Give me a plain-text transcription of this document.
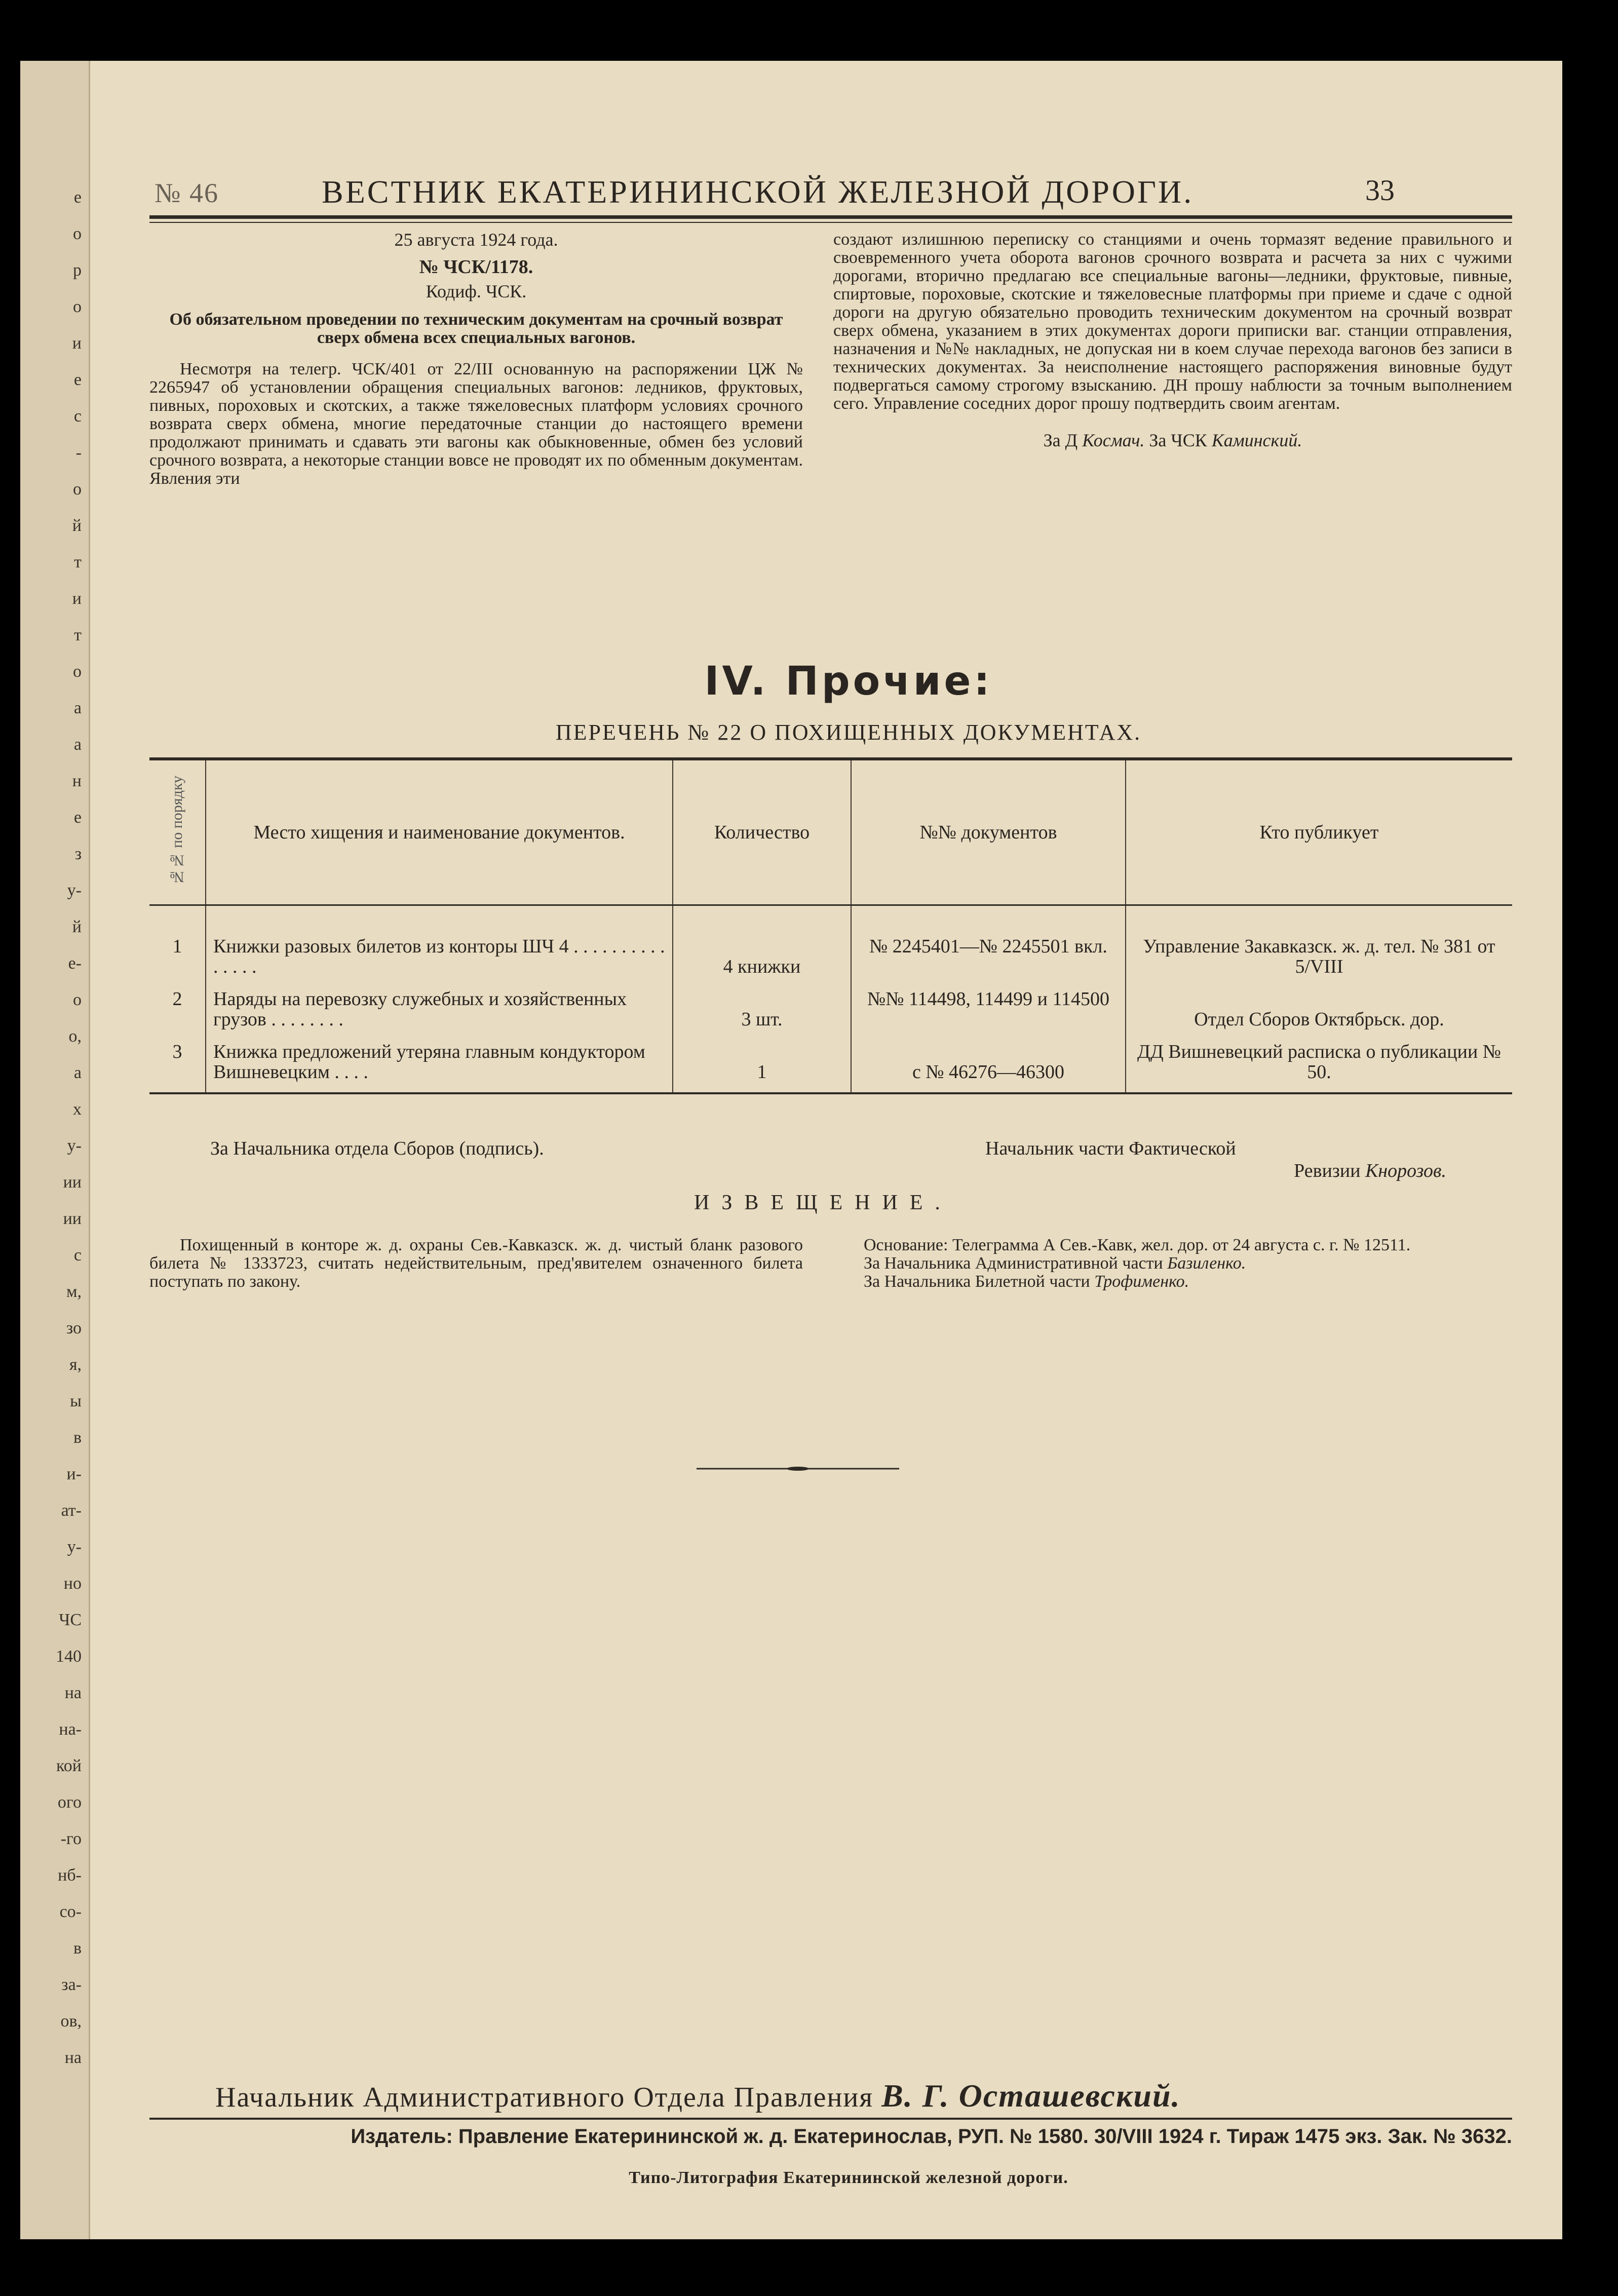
е
о
р
о
и
е
с
-
о
й
т
и
т
о
а
а
н
е
з
у-
й
е-
о
о,
а
х
у-
ии
ии
с
м,
зо
я,
ы
в
и-
ат-
у-
но
ЧС
140
на
на-
кой
ого
-го
нб-
со-
в
за-
ов,
на
№ 46	ВЕСТНИК ЕКАТЕРИНИНСКОЙ ЖЕЛЕЗНОЙ ДОРОГИ.	33

25 августа 1924 года.

№ ЧСК/1178.

Кодиф. ЧСК.

Об обязательном проведении по техническим документам на срочный возврат сверх обмена всех специальных вагонов.

Несмотря на телегр. ЧСК/401 от 22/III основанную на распоряжении ЦЖ № 2265947 об установлении обращения специальных вагонов: ледников, фруктовых, пивных, пороховых и скотских, а также тяжеловесных платформ условиях срочного возврата сверх обмена, многие передаточные станции до настоящего времени продолжают принимать и сдавать эти вагоны как обыкновенные, обмен без условий срочного возврата, а некоторые станции вовсе не проводят их по обменным документам. Явления эти

создают излишнюю переписку со станциями и очень тормазят ведение правильного и своевременного учета оборота вагонов срочного возврата и расчета за них с чужими дорогами, вторично предлагаю все специальные вагоны—ледники, фруктовые, пивные, спиртовые, пороховые, скотские и тяжеловесные платформы при приеме и сдаче с одной дороги на другую обязательно проводить техническим документом на срочный возврат сверх обмена, указанием в этих документах дороги приписки ваг. станции отправления, назначения и №№ накладных, не допуская ни в коем случае перехода вагонов без записи в технических документах. За неисполнение настоящего распоряжения виновные будут подвергаться самому строгому взысканию. ДН прошу наблюсти за точным выполнением сего. Управление соседних дорог прошу подтвердить своим агентам.

За Д Космач. За ЧСК Каминский.

IV. Прочие:
ПЕРЕЧЕНЬ № 22 О ПОХИЩЕННЫХ ДОКУМЕНТАХ.
№№ по порядку	Место хищения и наименование документов.	Количество	№№ документов	Кто публикует
1	Книжки разовых билетов из конторы ШЧ 4 . . . . . . . . . . . . . . .	4 книжки	№ 2245401—№ 2245501 вкл.	Управление Закавказск. ж. д. тел. № 381 от 5/VIII
2	Наряды на перевозку служебных и хозяйственных грузов . . . . . . . .	3 шт.	№№ 114498, 114499 и 114500	Отдел Сборов Октябрьск. дор.
3	Книжка предложений утеряна главным кондуктором Вишневецким . . . .	1	с № 46276—46300	ДД Вишневецкий расписка о публикации № 50.
За Начальника отдела Сборов (подпись).	Начальник части Фактической
Ревизии Кнорозов.
ИЗВЕЩЕНИЕ.

Похищенный в конторе ж. д. охраны Сев.-Кавказск. ж. д. чистый бланк разового билета № 1333723, считать недействительным, пред'явителем означенного билета поступать по закону.

Основание: Телеграмма А Сев.-Кавк, жел. дор. от 24 августа с. г. № 12511.

За Начальника Административной части Базиленко.

За Начальника Билетной части Трофименко.

Начальник Административного Отдела Правления В. Г. Осташевский.
Издатель: Правление Екатерининской ж. д. Екатеринослав, РУП. № 1580. 30/VIII 1924 г. Тираж 1475 экз. Зак. № 3632.
Типо-Литография Екатерининской железной дороги.
